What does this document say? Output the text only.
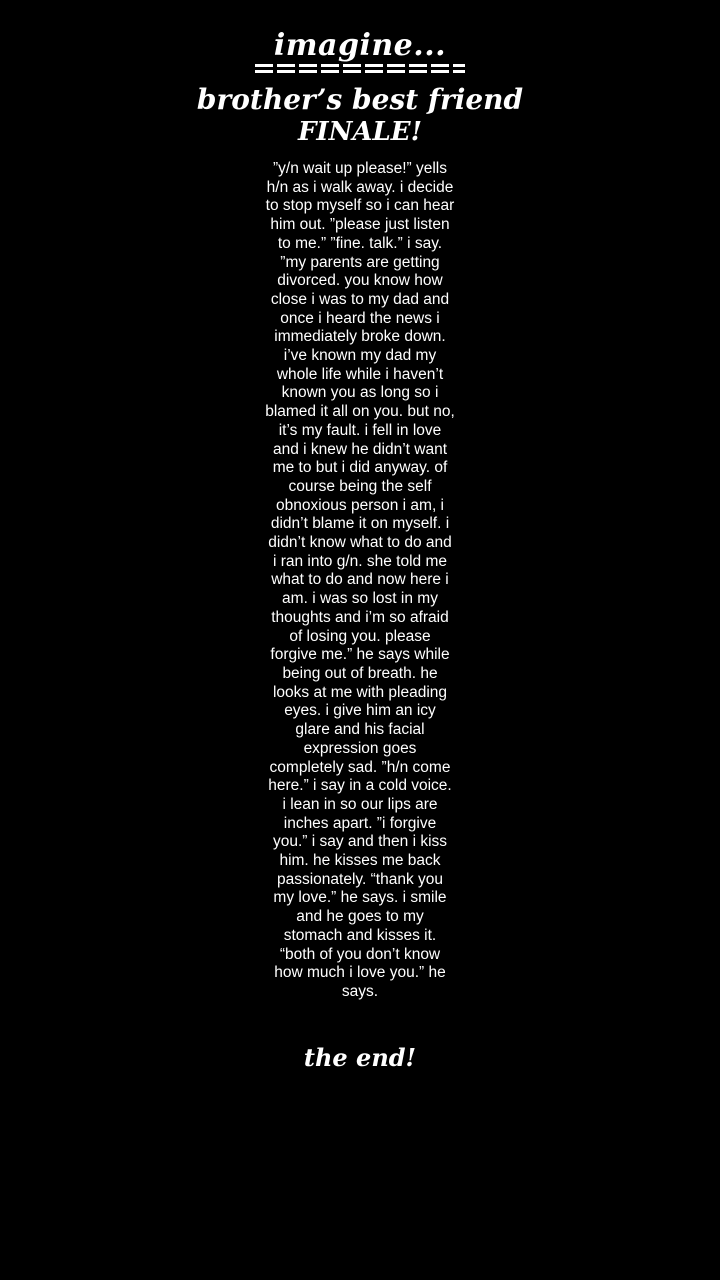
imagine...
brother’s best friend
FINALE!

”y/n wait up please!” yells h/n as i walk away. i decide to stop myself so i can hear him out. ”please just listen to me.” ”fine. talk.” i say. ”my parents are getting divorced. you know how close i was to my dad and once i heard the news i immediately broke down. i’ve known my dad my whole life while i haven’t known you as long so i blamed it all on you. but no, it’s my fault. i fell in love and i knew he didn’t want me to but i did anyway. of course being the self obnoxious person i am, i didn’t blame it on myself. i didn’t know what to do and i ran into g/n. she told me what to do and now here i am. i was so lost in my thoughts and i’m so afraid of losing you. please forgive me.” he says while being out of breath. he looks at me with pleading eyes. i give him an icy glare and his facial expression goes completely sad. ”h/n come here.” i say in a cold voice. i lean in so our lips are inches apart. ”i forgive you.” i say and then i kiss him. he kisses me back passionately. “thank you my love.” he says. i smile and he goes to my stomach and kisses it. “both of you don’t know how much i love you.” he says.

the end!
